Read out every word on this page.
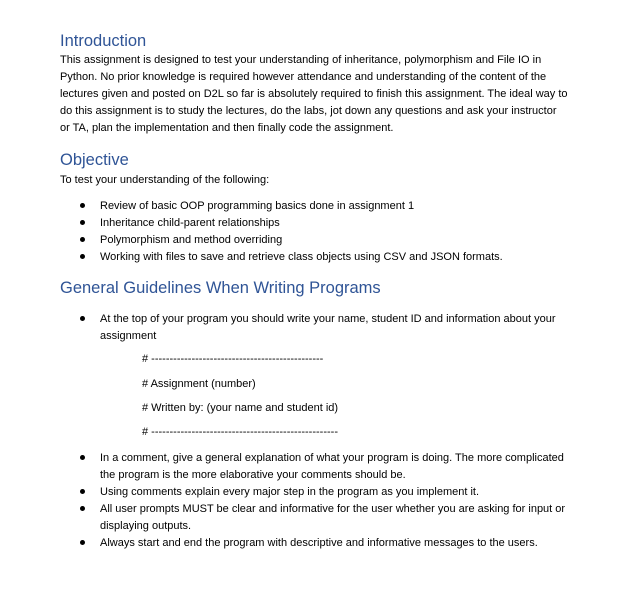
Introduction
This assignment is designed to test your understanding of inheritance, polymorphism and File IO in
Python. No prior knowledge is required however attendance and understanding of the content of the
lectures given and posted on D2L so far is absolutely required to finish this assignment. The ideal way to
do this assignment is to study the lectures, do the labs, jot down any questions and ask your instructor
or TA, plan the implementation and then finally code the assignment.
Objective
To test your understanding of the following:
Review of basic OOP programming basics done in assignment 1
Inheritance child-parent relationships
Polymorphism and method overriding
Working with files to save and retrieve class objects using CSV and JSON formats.
General Guidelines When Writing Programs
At the top of your program you should write your name, student ID and information about your
assignment
# -----------------------------------------------
# Assignment (number)
# Written by: (your name and student id)
# ---------------------------------------------------
In a comment, give a general explanation of what your program is doing. The more complicated
the program is the more elaborative your comments should be.
Using comments explain every major step in the program as you implement it.
All user prompts MUST be clear and informative for the user whether you are asking for input or
displaying outputs.
Always start and end the program with descriptive and informative messages to the users.
